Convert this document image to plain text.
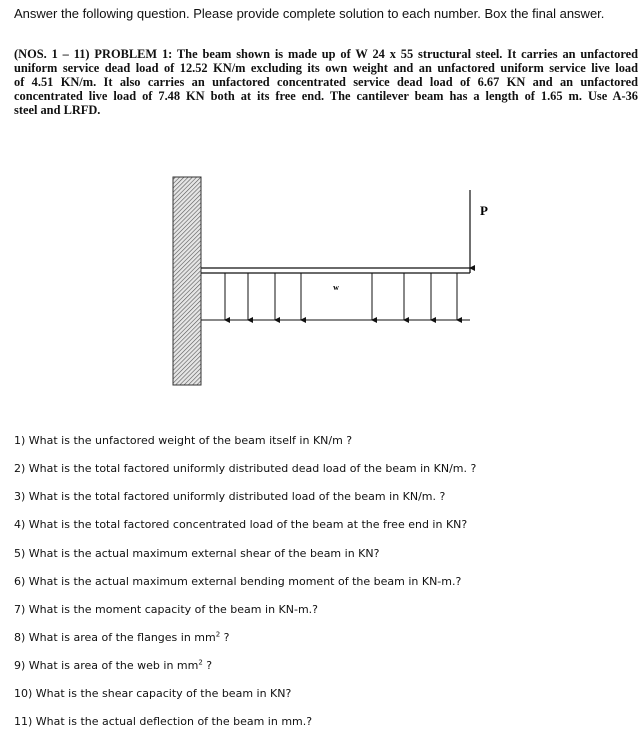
Answer the following question. Please provide complete solution to each number. Box the final answer.
(NOS. 1 – 11) PROBLEM 1: The beam shown is made up of W 24 x 55 structural steel. It carries an unfactored
uniform service dead load of 12.52 KN/m excluding its own weight and an unfactored uniform service live load
of 4.51 KN/m. It also carries an unfactored concentrated service dead load of 6.67 KN and an unfactored
concentrated live load of 7.48 KN both at its free end. The cantilever beam has a length of 1.65 m. Use A-36
steel and LRFD.
w
P
1) What is the unfactored weight of the beam itself in KN/m ?
2) What is the total factored uniformly distributed dead load of the beam in KN/m. ?
3) What is the total factored uniformly distributed load of the beam in KN/m. ?
4) What is the total factored concentrated load of the beam at the free end in KN?
5) What is the actual maximum external shear of the beam in KN?
6) What is the actual maximum external bending moment of the beam in KN-m.?
7) What is the moment capacity of the beam in KN-m.?
8) What is area of the flanges in $mm^2$ ?
9) What is area of the web in $mm^2$ ?
10) What is the shear capacity of the beam in KN?
11) What is the actual deflection of the beam in mm.?
